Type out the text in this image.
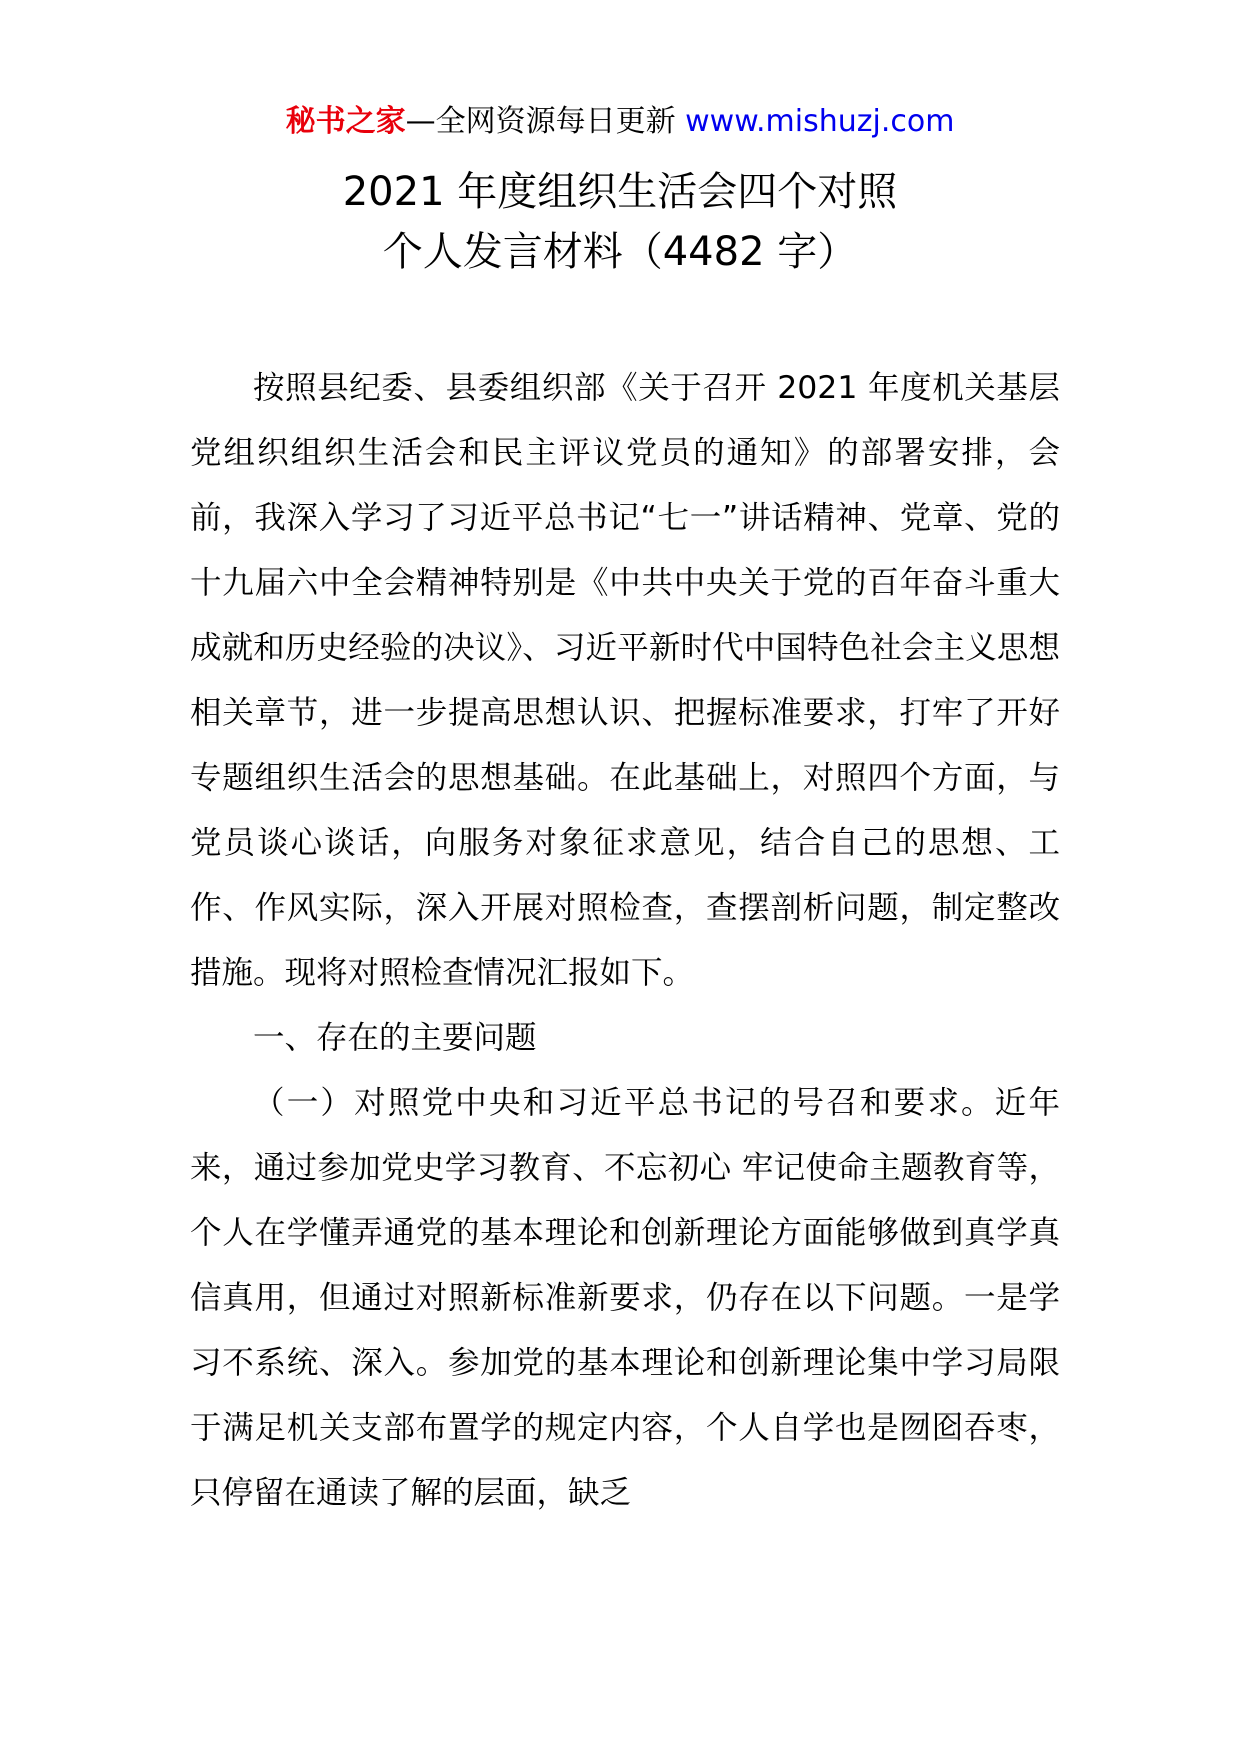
秘书之家—全网资源每日更新 www.mishuzj.com
2021 年度组织生活会四个对照
个人发言材料（4482 字）

按照县纪委、县委组织部《关于召开 2021 年度机关基层党组织组织生活会和民主评议党员的通知》的部署安排，会前，我深入学习了习近平总书记“七一”讲话精神、党章、党的十九届六中全会精神特别是《中共中央关于党的百年奋斗重大成就和历史经验的决议》、习近平新时代中国特色社会主义思想相关章节，进一步提高思想认识、把握标准要求，打牢了开好专题组织生活会的思想基础。在此基础上，对照四个方面，与党员谈心谈话，向服务对象征求意见，结合自己的思想、工作、作风实际，深入开展对照检查，查摆剖析问题，制定整改措施。现将对照检查情况汇报如下。

一、存在的主要问题

（一）对照党中央和习近平总书记的号召和要求。近年来，通过参加党史学习教育、不忘初心 牢记使命主题教育等，个人在学懂弄通党的基本理论和创新理论方面能够做到真学真信真用，但通过对照新标准新要求，仍存在以下问题。一是学习不系统、深入。参加党的基本理论和创新理论集中学习局限于满足机关支部布置学的规定内容，个人自学也是囫囵吞枣，只停留在通读了解的层面，缺乏
